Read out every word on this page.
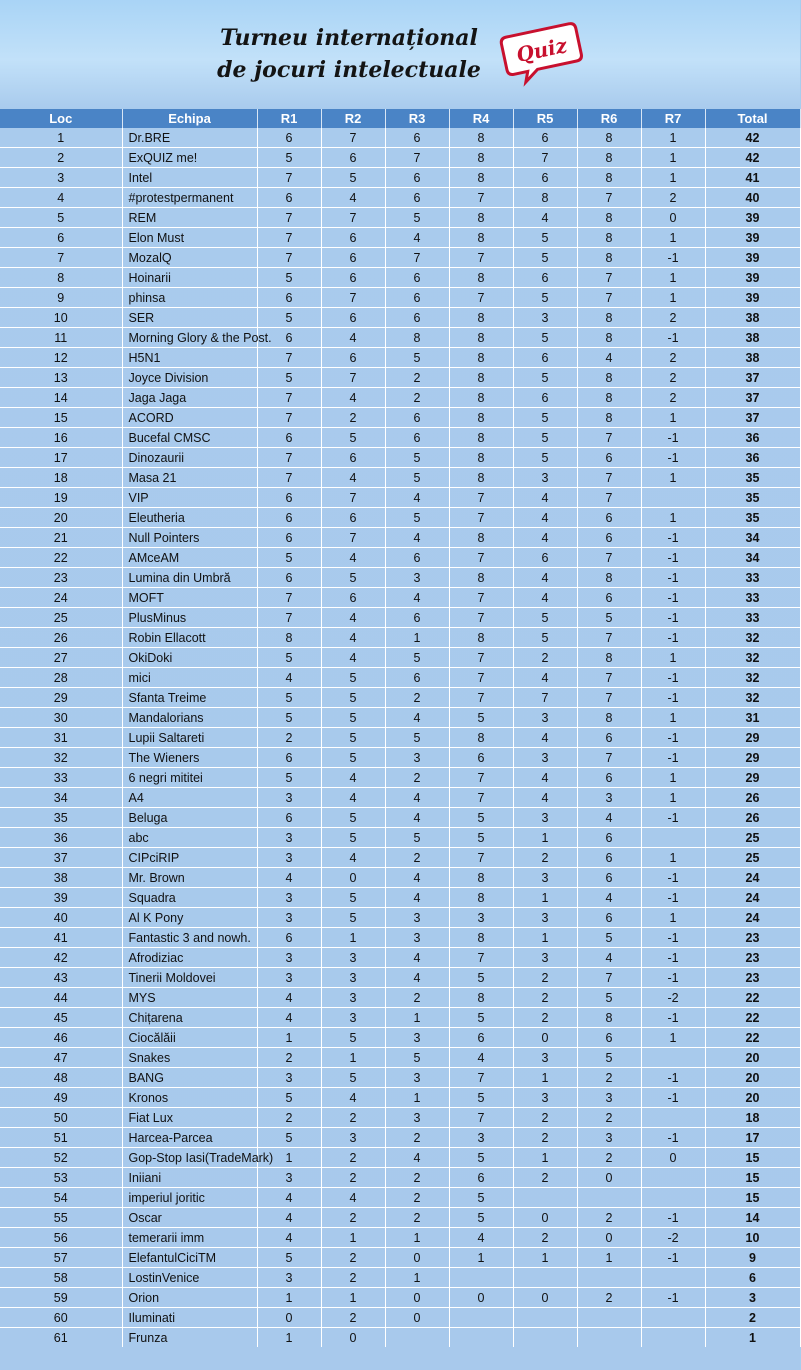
Turneu internațional
de jocuri intelectuale
Quiz
Loc	Echipa	R1	R2	R3	R4	R5	R6	R7	Total
1	Dr.BRE	6	7	6	8	6	8	1	42
2	ExQUIZ me!	5	6	7	8	7	8	1	42
3	Intel	7	5	6	8	6	8	1	41
4	#protestpermanent	6	4	6	7	8	7	2	40
5	REM	7	7	5	8	4	8	0	39
6	Elon Must	7	6	4	8	5	8	1	39
7	MozalQ	7	6	7	7	5	8	-1	39
8	Hoinarii	5	6	6	8	6	7	1	39
9	phinsa	6	7	6	7	5	7	1	39
10	SER	5	6	6	8	3	8	2	38
11	Morning Glory & the Post.	6	4	8	8	5	8	-1	38
12	H5N1	7	6	5	8	6	4	2	38
13	Joyce Division	5	7	2	8	5	8	2	37
14	Jaga Jaga	7	4	2	8	6	8	2	37
15	ACORD	7	2	6	8	5	8	1	37
16	Bucefal CMSC	6	5	6	8	5	7	-1	36
17	Dinozaurii	7	6	5	8	5	6	-1	36
18	Masa 21	7	4	5	8	3	7	1	35
19	VIP	6	7	4	7	4	7		35
20	Eleutheria	6	6	5	7	4	6	1	35
21	Null Pointers	6	7	4	8	4	6	-1	34
22	AMceAM	5	4	6	7	6	7	-1	34
23	Lumina din Umbră	6	5	3	8	4	8	-1	33
24	MOFT	7	6	4	7	4	6	-1	33
25	PlusMinus	7	4	6	7	5	5	-1	33
26	Robin Ellacott	8	4	1	8	5	7	-1	32
27	OkiDoki	5	4	5	7	2	8	1	32
28	mici	4	5	6	7	4	7	-1	32
29	Sfanta Treime	5	5	2	7	7	7	-1	32
30	Mandalorians	5	5	4	5	3	8	1	31
31	Lupii Saltareti	2	5	5	8	4	6	-1	29
32	The Wieners	6	5	3	6	3	7	-1	29
33	6 negri mititei	5	4	2	7	4	6	1	29
34	A4	3	4	4	7	4	3	1	26
35	Beluga	6	5	4	5	3	4	-1	26
36	abc	3	5	5	5	1	6		25
37	CIPciRIP	3	4	2	7	2	6	1	25
38	Mr. Brown	4	0	4	8	3	6	-1	24
39	Squadra	3	5	4	8	1	4	-1	24
40	Al K Pony	3	5	3	3	3	6	1	24
41	Fantastic 3 and nowh.	6	1	3	8	1	5	-1	23
42	Afrodiziac	3	3	4	7	3	4	-1	23
43	Tinerii Moldovei	3	3	4	5	2	7	-1	23
44	MYS	4	3	2	8	2	5	-2	22
45	Chițarena	4	3	1	5	2	8	-1	22
46	Ciocălăii	1	5	3	6	0	6	1	22
47	Snakes	2	1	5	4	3	5		20
48	BANG	3	5	3	7	1	2	-1	20
49	Kronos	5	4	1	5	3	3	-1	20
50	Fiat Lux	2	2	3	7	2	2		18
51	Harcea-Parcea	5	3	2	3	2	3	-1	17
52	Gop-Stop Iasi(TradeMark)	1	2	4	5	1	2	0	15
53	Iniiani	3	2	2	6	2	0		15
54	imperiul joritic	4	4	2	5				15
55	Oscar	4	2	2	5	0	2	-1	14
56	temerarii imm	4	1	1	4	2	0	-2	10
57	ElefantulCiciTM	5	2	0	1	1	1	-1	9
58	LostinVenice	3	2	1					6
59	Orion	1	1	0	0	0	2	-1	3
60	Iluminati	0	2	0					2
61	Frunza	1	0						1
